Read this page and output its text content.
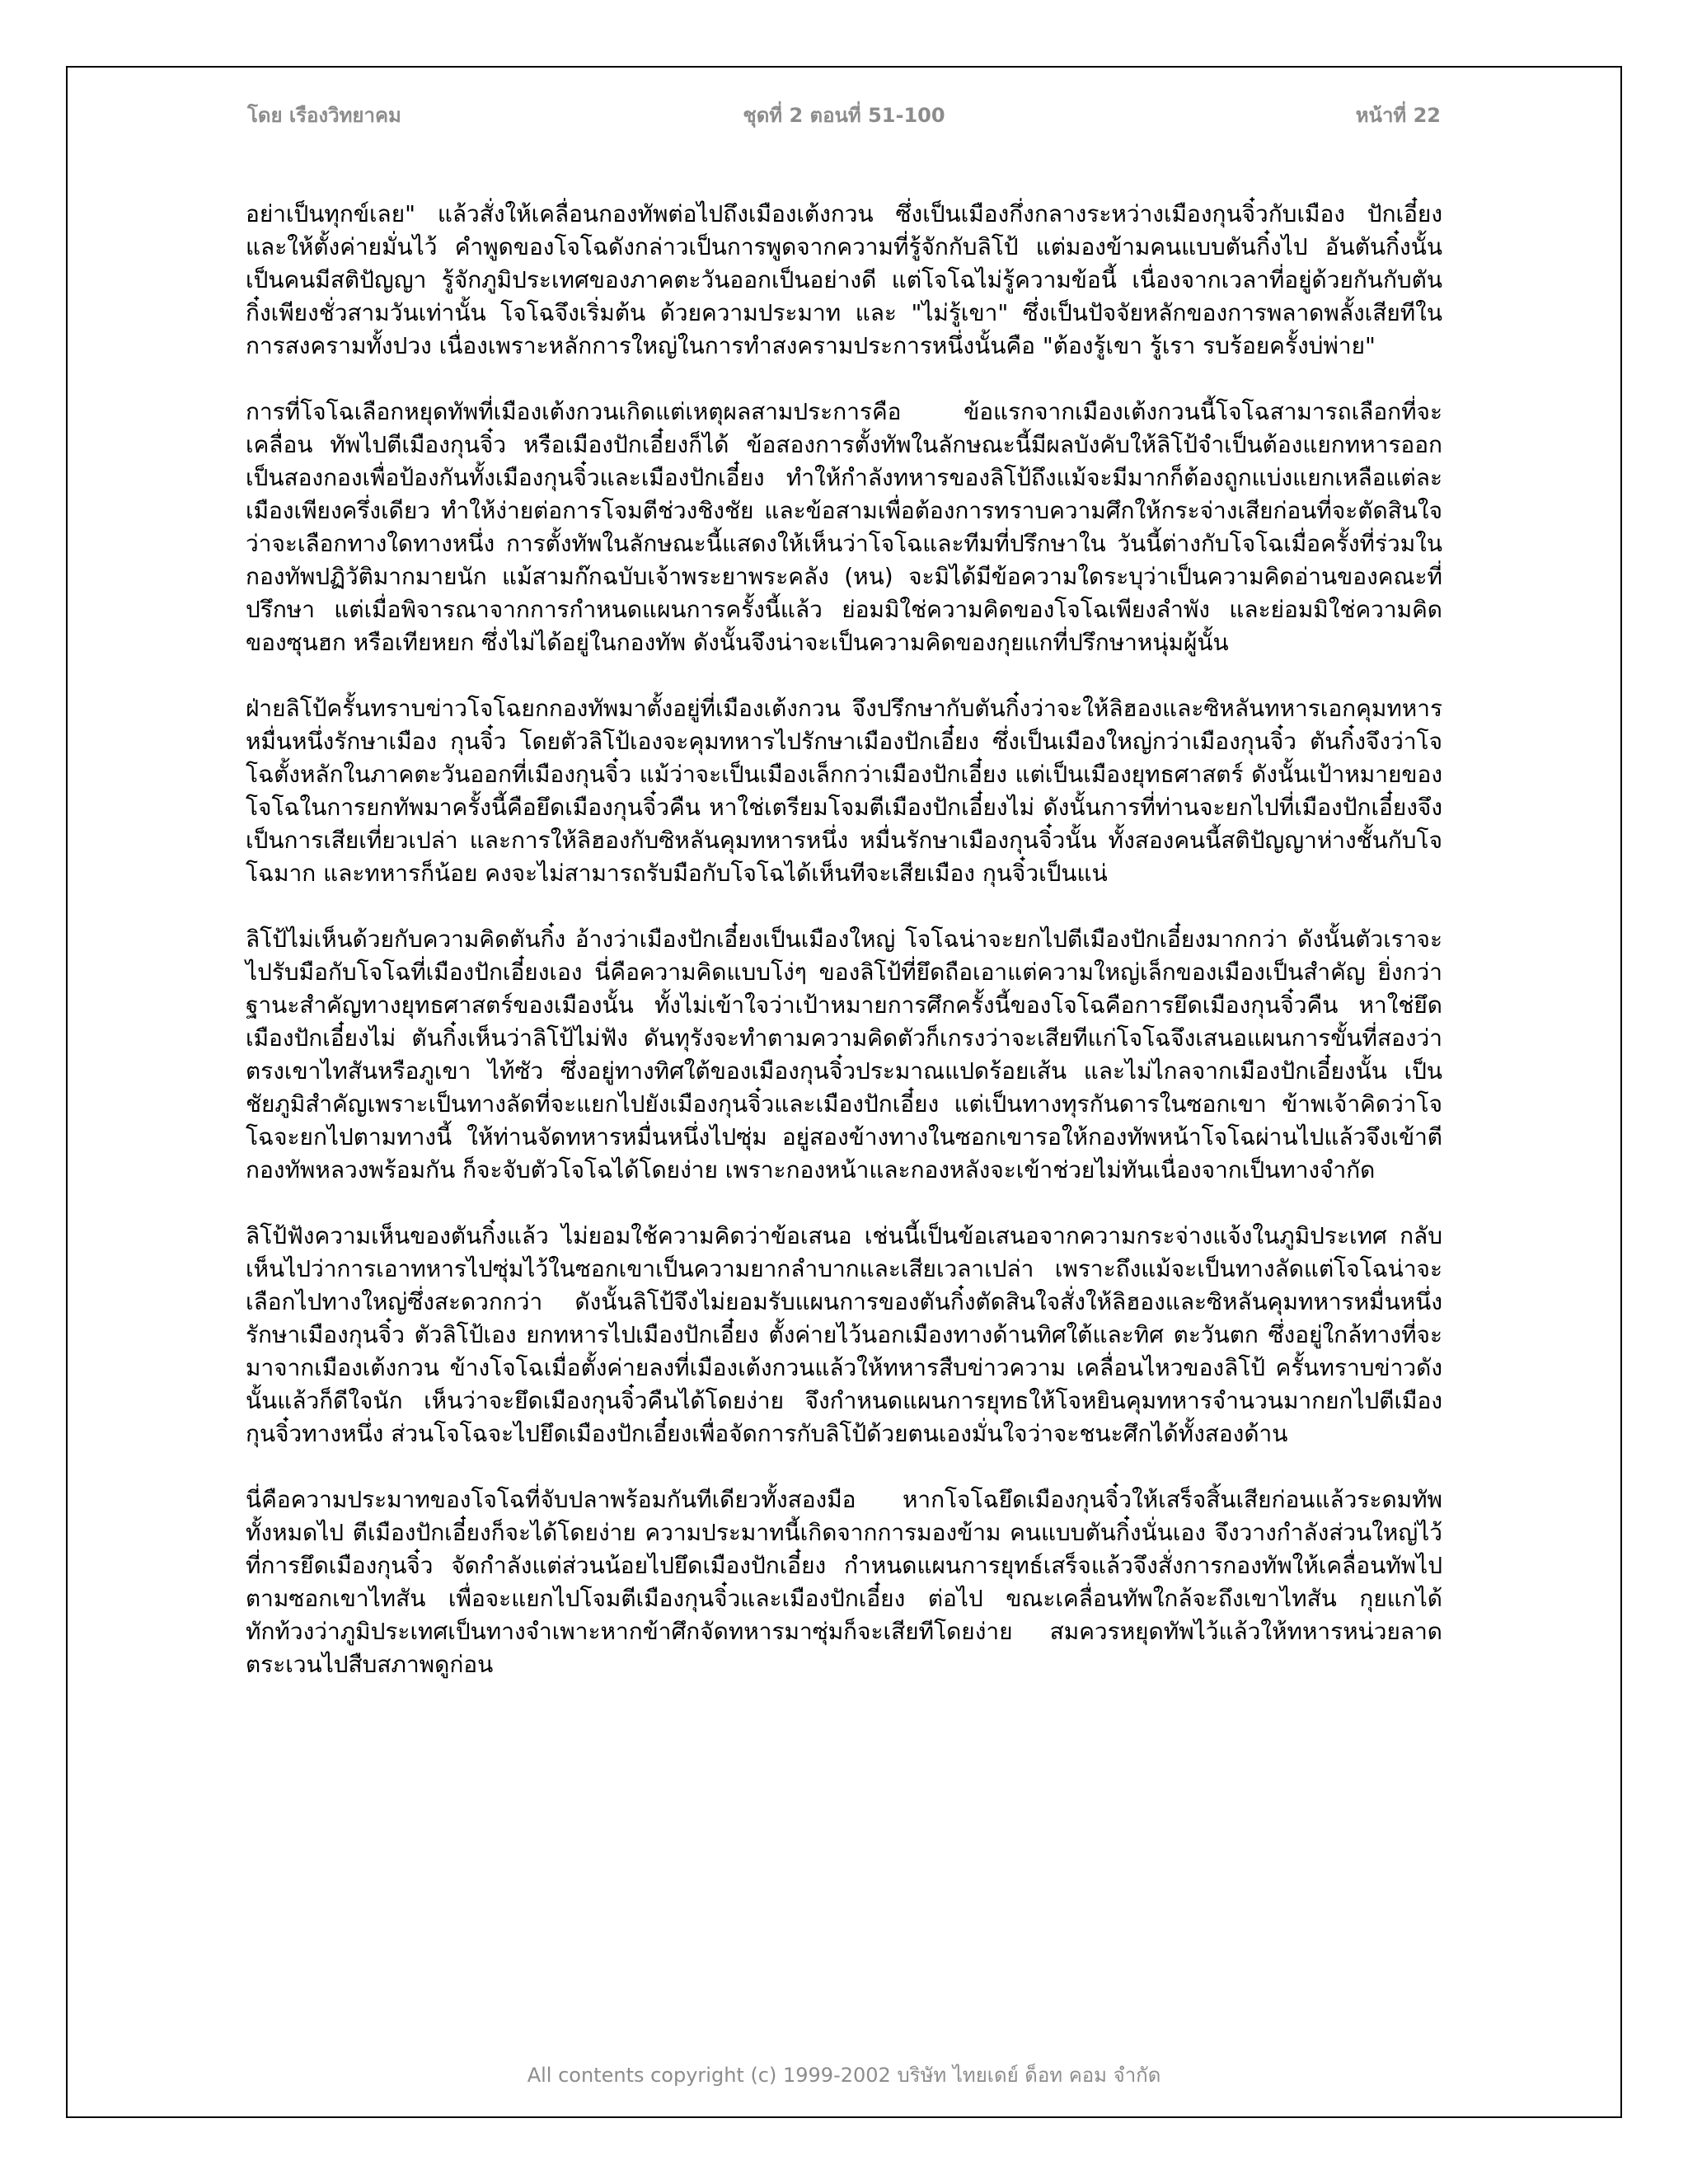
โดย เรืองวิทยาคม	ชุดที่ 2 ตอนที่ 51-100	หน้าที่ 22

อย่าเป็นทุกข์เลย" แล้วสั่งให้เคลื่อนกองทัพต่อไปถึงเมืองเต้งกวน ซึ่งเป็นเมืองกึ่งกลางระหว่างเมืองกุนจิ๋วกับเมือง ปักเอี๋ยง และให้ตั้งค่ายมั่นไว้ คำพูดของโจโฉดังกล่าวเป็นการพูดจากความที่รู้จักกับลิโป้ แต่มองข้ามคนแบบตันกิ๋งไป อันตันกิ๋งนั้นเป็นคนมีสติปัญญา รู้จักภูมิประเทศของภาคตะวันออกเป็นอย่างดี แต่โจโฉไม่รู้ความข้อนี้ เนื่องจากเวลาที่อยู่ด้วยกันกับตันกิ๋งเพียงชั่วสามวันเท่านั้น โจโฉจึงเริ่มต้น ด้วยความประมาท และ "ไม่รู้เขา" ซึ่งเป็นปัจจัยหลักของการพลาดพลั้งเสียทีในการสงครามทั้งปวง เนื่องเพราะหลักการใหญ่ในการทำสงครามประการหนึ่งนั้นคือ "ต้องรู้เขา รู้เรา รบร้อยครั้งบ่พ่าย"

การที่โจโฉเลือกหยุดทัพที่เมืองเต้งกวนเกิดแต่เหตุผลสามประการคือ ข้อแรกจากเมืองเต้งกวนนี้โจโฉสามารถเลือกที่จะเคลื่อน ทัพไปตีเมืองกุนจิ๋ว หรือเมืองปักเอี๋ยงก็ได้ ข้อสองการตั้งทัพในลักษณะนี้มีผลบังคับให้ลิโป้จำเป็นต้องแยกทหารออกเป็นสองกองเพื่อป้องกันทั้งเมืองกุนจิ๋วและเมืองปักเอี๋ยง ทำให้กำลังทหารของลิโป้ถึงแม้จะมีมากก็ต้องถูกแบ่งแยกเหลือแต่ละเมืองเพียงครึ่งเดียว ทำให้ง่ายต่อการโจมตีช่วงชิงชัย และข้อสามเพื่อต้องการทราบความศึกให้กระจ่างเสียก่อนที่จะตัดสินใจว่าจะเลือกทางใดทางหนึ่ง การตั้งทัพในลักษณะนี้แสดงให้เห็นว่าโจโฉและทีมที่ปรึกษาใน วันนี้ต่างกับโจโฉเมื่อครั้งที่ร่วมในกองทัพปฏิวัติมากมายนัก แม้สามก๊กฉบับเจ้าพระยาพระคลัง (หน) จะมิได้มีข้อความใดระบุว่าเป็นความคิดอ่านของคณะที่ปรึกษา แต่เมื่อพิจารณาจากการกำหนดแผนการครั้งนี้แล้ว ย่อมมิใช่ความคิดของโจโฉเพียงลำพัง และย่อมมิใช่ความคิดของซุนฮก หรือเทียหยก ซึ่งไม่ได้อยู่ในกองทัพ ดังนั้นจึงน่าจะเป็นความคิดของกุยแกที่ปรึกษาหนุ่มผู้นั้น

ฝ่ายลิโป้ครั้นทราบข่าวโจโฉยกกองทัพมาตั้งอยู่ที่เมืองเต้งกวน จึงปรึกษากับตันกิ๋งว่าจะให้ลิฮองและซิหลันทหารเอกคุมทหารหมื่นหนึ่งรักษาเมือง กุนจิ๋ว โดยตัวลิโป้เองจะคุมทหารไปรักษาเมืองปักเอี๋ยง ซึ่งเป็นเมืองใหญ่กว่าเมืองกุนจิ๋ว ตันกิ๋งจึงว่าโจโฉตั้งหลักในภาคตะวันออกที่เมืองกุนจิ๋ว แม้ว่าจะเป็นเมืองเล็กกว่าเมืองปักเอี๋ยง แต่เป็นเมืองยุทธศาสตร์ ดังนั้นเป้าหมายของโจโฉในการยกทัพมาครั้งนี้คือยึดเมืองกุนจิ๋วคืน หาใช่เตรียมโจมตีเมืองปักเอี๋ยงไม่ ดังนั้นการที่ท่านจะยกไปที่เมืองปักเอี๋ยงจึงเป็นการเสียเที่ยวเปล่า และการให้ลิฮองกับซิหลันคุมทหารหนึ่ง หมื่นรักษาเมืองกุนจิ๋วนั้น ทั้งสองคนนี้สติปัญญาห่างชั้นกับโจโฉมาก และทหารก็น้อย คงจะไม่สามารถรับมือกับโจโฉได้เห็นทีจะเสียเมือง กุนจิ๋วเป็นแน่

ลิโป้ไม่เห็นด้วยกับความคิดตันกิ๋ง อ้างว่าเมืองปักเอี๋ยงเป็นเมืองใหญ่ โจโฉน่าจะยกไปตีเมืองปักเอี๋ยงมากกว่า ดังนั้นตัวเราจะไปรับมือกับโจโฉที่เมืองปักเอี๋ยงเอง นี่คือความคิดแบบโง่ๆ ของลิโป้ที่ยึดถือเอาแต่ความใหญ่เล็กของเมืองเป็นสำคัญ ยิ่งกว่าฐานะสำคัญทางยุทธศาสตร์ของเมืองนั้น ทั้งไม่เข้าใจว่าเป้าหมายการศึกครั้งนี้ของโจโฉคือการยึดเมืองกุนจิ๋วคืน หาใช่ยึดเมืองปักเอี๋ยงไม่ ตันกิ๋งเห็นว่าลิโป้ไม่ฟัง ดันทุรังจะทำตามความคิดตัวก็เกรงว่าจะเสียทีแก่โจโฉจึงเสนอแผนการขั้นที่สองว่า ตรงเขาไทสันหรือภูเขา ไท้ซัว ซึ่งอยู่ทางทิศใต้ของเมืองกุนจิ๋วประมาณแปดร้อยเส้น และไม่ไกลจากเมืองปักเอี๋ยงนั้น เป็นชัยภูมิสำคัญเพราะเป็นทางลัดที่จะแยกไปยังเมืองกุนจิ๋วและเมืองปักเอี๋ยง แต่เป็นทางทุรกันดารในซอกเขา ข้าพเจ้าคิดว่าโจโฉจะยกไปตามทางนี้ ให้ท่านจัดทหารหมื่นหนึ่งไปซุ่ม อยู่สองข้างทางในซอกเขารอให้กองทัพหน้าโจโฉผ่านไปแล้วจึงเข้าตีกองทัพหลวงพร้อมกัน ก็จะจับตัวโจโฉได้โดยง่าย เพราะกองหน้าและกองหลังจะเข้าช่วยไม่ทันเนื่องจากเป็นทางจำกัด

ลิโป้ฟังความเห็นของตันกิ๋งแล้ว ไม่ยอมใช้ความคิดว่าข้อเสนอ เช่นนี้เป็นข้อเสนอจากความกระจ่างแจ้งในภูมิประเทศ กลับเห็นไปว่าการเอาทหารไปซุ่มไว้ในซอกเขาเป็นความยากลำบากและเสียเวลาเปล่า เพราะถึงแม้จะเป็นทางลัดแต่โจโฉน่าจะเลือกไปทางใหญ่ซึ่งสะดวกกว่า ดังนั้นลิโป้จึงไม่ยอมรับแผนการของตันกิ๋งตัดสินใจสั่งให้ลิฮองและซิหลันคุมทหารหมื่นหนึ่งรักษาเมืองกุนจิ๋ว ตัวลิโป้เอง ยกทหารไปเมืองปักเอี๋ยง ตั้งค่ายไว้นอกเมืองทางด้านทิศใต้และทิศ ตะวันตก ซึ่งอยู่ใกล้ทางที่จะมาจากเมืองเต้งกวน ข้างโจโฉเมื่อตั้งค่ายลงที่เมืองเต้งกวนแล้วให้ทหารสืบข่าวความ เคลื่อนไหวของลิโป้ ครั้นทราบข่าวดังนั้นแล้วก็ดีใจนัก เห็นว่าจะยึดเมืองกุนจิ๋วคืนได้โดยง่าย จึงกำหนดแผนการยุทธให้โจหยินคุมทหารจำนวนมากยกไปตีเมืองกุนจิ๋วทางหนึ่ง ส่วนโจโฉจะไปยึดเมืองปักเอี๋ยงเพื่อจัดการกับลิโป้ด้วยตนเองมั่นใจว่าจะชนะศึกได้ทั้งสองด้าน

นี่คือความประมาทของโจโฉที่จับปลาพร้อมกันทีเดียวทั้งสองมือ หากโจโฉยึดเมืองกุนจิ๋วให้เสร็จสิ้นเสียก่อนแล้วระดมทัพทั้งหมดไป ตีเมืองปักเอี๋ยงก็จะได้โดยง่าย ความประมาทนี้เกิดจากการมองข้าม คนแบบตันกิ๋งนั่นเอง จึงวางกำลังส่วนใหญ่ไว้ที่การยึดเมืองกุนจิ๋ว จัดกำลังแต่ส่วนน้อยไปยึดเมืองปักเอี๋ยง กำหนดแผนการยุทธ์เสร็จแล้วจึงสั่งการกองทัพให้เคลื่อนทัพไปตามซอกเขาไทสัน เพื่อจะแยกไปโจมตีเมืองกุนจิ๋วและเมืองปักเอี๋ยง ต่อไป ขณะเคลื่อนทัพใกล้จะถึงเขาไทสัน กุยแกได้ทักท้วงว่าภูมิประเทศเป็นทางจำเพาะหากข้าศึกจัดทหารมาซุ่มก็จะเสียทีโดยง่าย สมควรหยุดทัพไว้แล้วให้ทหารหน่วยลาดตระเวนไปสืบสภาพดูก่อน

All contents copyright (c) 1999-2002 บริษัท ไทยเดย์ ด็อท คอม จำกัด
